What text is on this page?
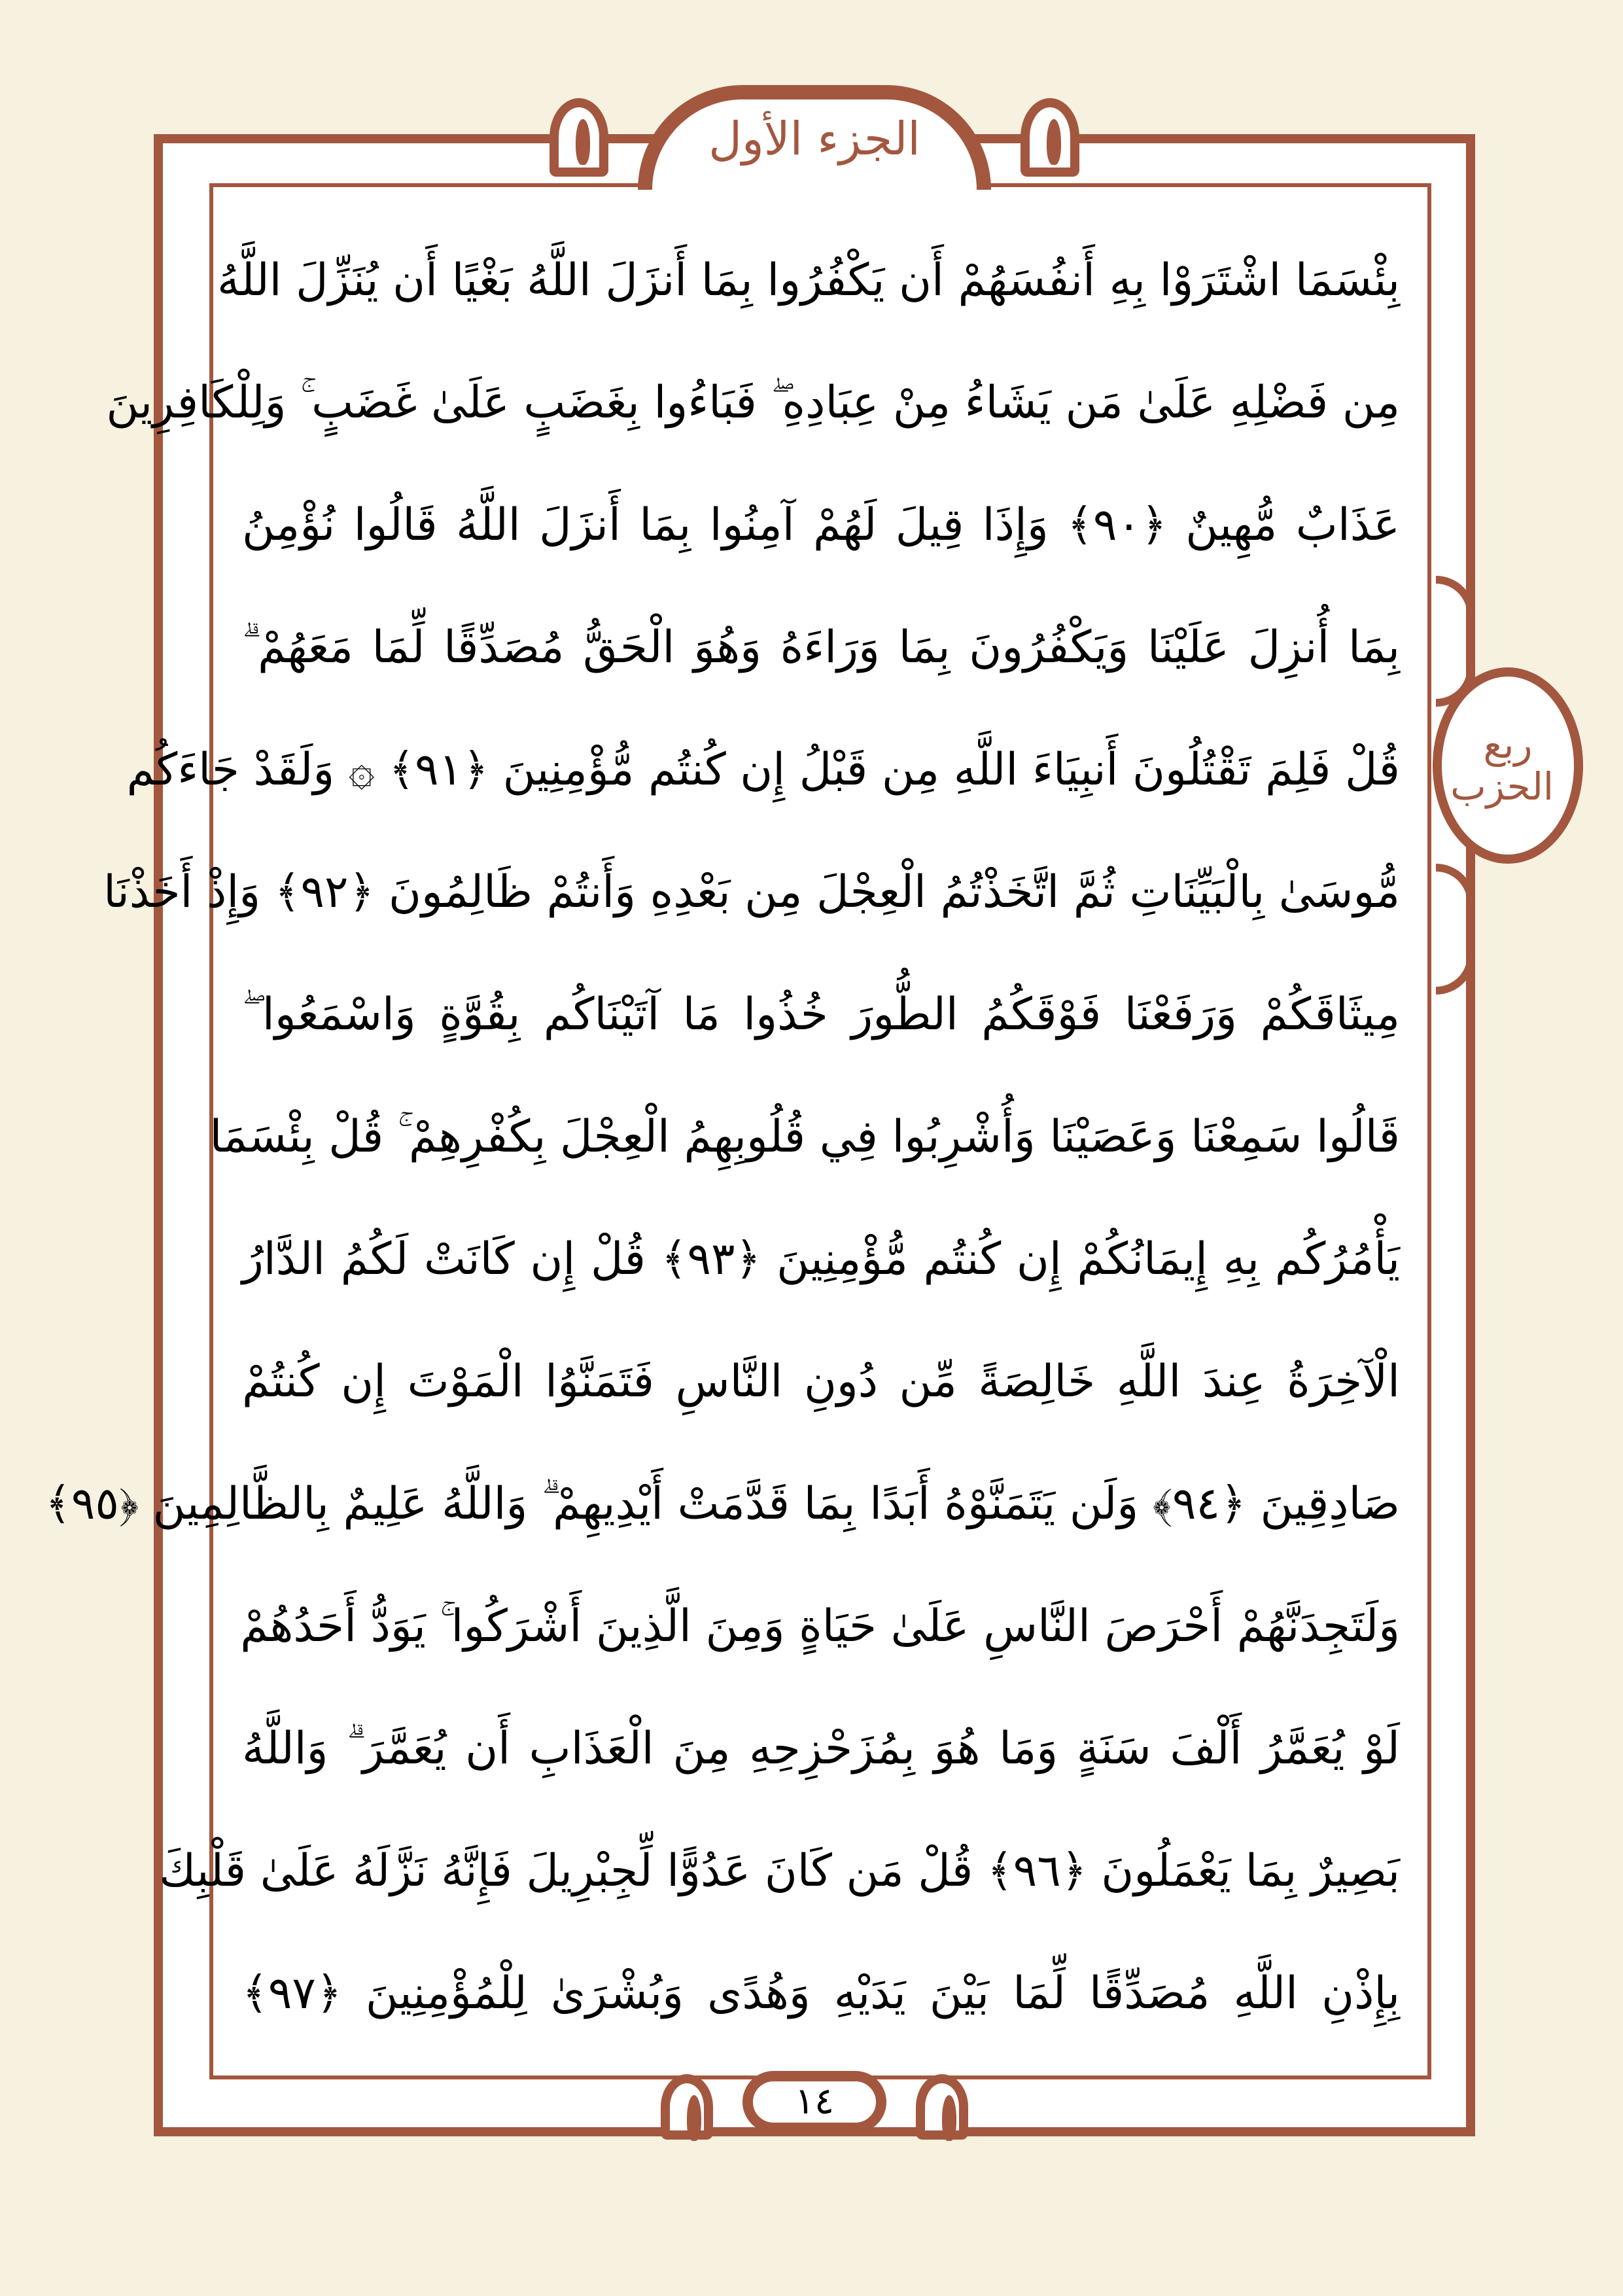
الجزء الأول
ربع الحزب
بِئْسَمَا اشْتَرَوْا بِهِ أَنفُسَهُمْ أَن يَكْفُرُوا بِمَا أَنزَلَ اللَّهُ بَغْيًا أَن يُنَزِّلَ اللَّهُ
مِن فَضْلِهِ عَلَىٰ مَن يَشَاءُ مِنْ عِبَادِهِ ۖ فَبَاءُوا بِغَضَبٍ عَلَىٰ غَضَبٍ ۚ وَلِلْكَافِرِينَ
عَذَابٌ مُّهِينٌ ﴿٩٠﴾ وَإِذَا قِيلَ لَهُمْ آمِنُوا بِمَا أَنزَلَ اللَّهُ قَالُوا نُؤْمِنُ
بِمَا أُنزِلَ عَلَيْنَا وَيَكْفُرُونَ بِمَا وَرَاءَهُ وَهُوَ الْحَقُّ مُصَدِّقًا لِّمَا مَعَهُمْ ۗ
قُلْ فَلِمَ تَقْتُلُونَ أَنبِيَاءَ اللَّهِ مِن قَبْلُ إِن كُنتُم مُّؤْمِنِينَ ﴿٩١﴾ ۞ وَلَقَدْ جَاءَكُم
مُّوسَىٰ بِالْبَيِّنَاتِ ثُمَّ اتَّخَذْتُمُ الْعِجْلَ مِن بَعْدِهِ وَأَنتُمْ ظَالِمُونَ ﴿٩٢﴾ وَإِذْ أَخَذْنَا
مِيثَاقَكُمْ وَرَفَعْنَا فَوْقَكُمُ الطُّورَ خُذُوا مَا آتَيْنَاكُم بِقُوَّةٍ وَاسْمَعُوا ۖ
قَالُوا سَمِعْنَا وَعَصَيْنَا وَأُشْرِبُوا فِي قُلُوبِهِمُ الْعِجْلَ بِكُفْرِهِمْ ۚ قُلْ بِئْسَمَا
يَأْمُرُكُم بِهِ إِيمَانُكُمْ إِن كُنتُم مُّؤْمِنِينَ ﴿٩٣﴾ قُلْ إِن كَانَتْ لَكُمُ الدَّارُ
الْآخِرَةُ عِندَ اللَّهِ خَالِصَةً مِّن دُونِ النَّاسِ فَتَمَنَّوُا الْمَوْتَ إِن كُنتُمْ
صَادِقِينَ ﴿٩٤﴾ وَلَن يَتَمَنَّوْهُ أَبَدًا بِمَا قَدَّمَتْ أَيْدِيهِمْ ۗ وَاللَّهُ عَلِيمٌ بِالظَّالِمِينَ ﴿٩٥﴾
وَلَتَجِدَنَّهُمْ أَحْرَصَ النَّاسِ عَلَىٰ حَيَاةٍ وَمِنَ الَّذِينَ أَشْرَكُوا ۚ يَوَدُّ أَحَدُهُمْ
لَوْ يُعَمَّرُ أَلْفَ سَنَةٍ وَمَا هُوَ بِمُزَحْزِحِهِ مِنَ الْعَذَابِ أَن يُعَمَّرَ ۗ وَاللَّهُ
بَصِيرٌ بِمَا يَعْمَلُونَ ﴿٩٦﴾ قُلْ مَن كَانَ عَدُوًّا لِّجِبْرِيلَ فَإِنَّهُ نَزَّلَهُ عَلَىٰ قَلْبِكَ
بِإِذْنِ اللَّهِ مُصَدِّقًا لِّمَا بَيْنَ يَدَيْهِ وَهُدًى وَبُشْرَىٰ لِلْمُؤْمِنِينَ ﴿٩٧﴾
١٤
